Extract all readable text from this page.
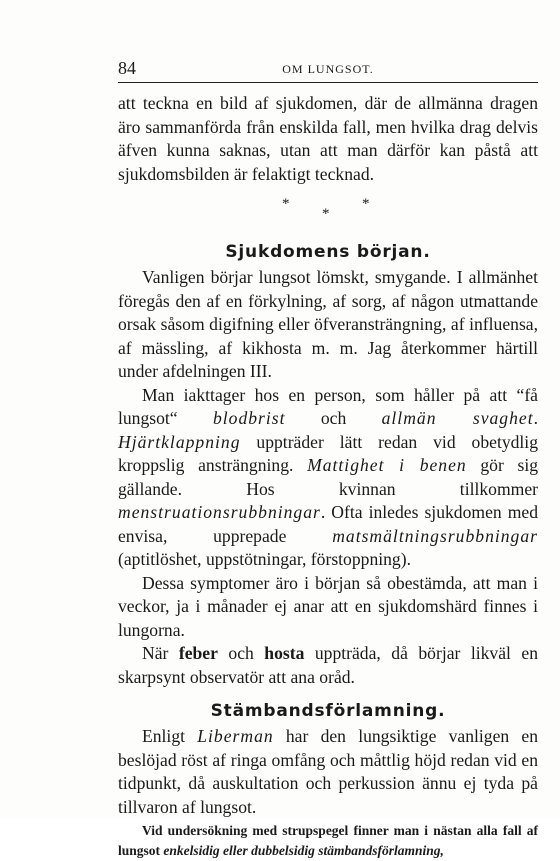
84	OM LUNGSOT.

att teckna en bild af sjukdomen, där de allmänna dragen äro sammanförda från enskilda fall, men hvilka drag delvis äfven kunna saknas, utan att man därför kan påstå att sjukdomsbilden är felaktigt tecknad.

*
*
*
Sjukdomens början.

Vanligen börjar lungsot lömskt, smygande. I allmänhet föregås den af en förkylning, af sorg, af någon utmattande orsak såsom digifning eller öfveransträngning, af influensa, af mässling, af kikhosta m. m. Jag återkommer härtill under afdelningen III.

Man iakttager hos en person, som håller på att “få lungsot“ blodbrist och allmän svaghet. Hjärtklappning uppträder lätt redan vid obetydlig kroppslig ansträngning. Mattighet i benen gör sig gällande. Hos kvinnan tillkommer menstruationsrubbningar. Ofta inledes sjukdomen med envisa, upprepade matsmältningsrubbningar (aptitlöshet, uppstötningar, förstoppning).

Dessa symptomer äro i början så obestämda, att man i veckor, ja i månader ej anar att en sjukdomshärd finnes i lungorna.

När feber och hosta uppträda, då börjar likväl en skarpsynt observatör att ana oråd.

Stämbandsförlamning.

Enligt Liberman har den lungsiktige vanligen en beslöjad röst af ringa omfång och måttlig höjd redan vid en tidpunkt, då auskultation och perkussion ännu ej tyda på tillvaron af lungsot.

Vid undersökning med strupspegel finner man i nästan alla fall af lungsot enkelsidig eller dubbelsidig stämbandsförlamning,
